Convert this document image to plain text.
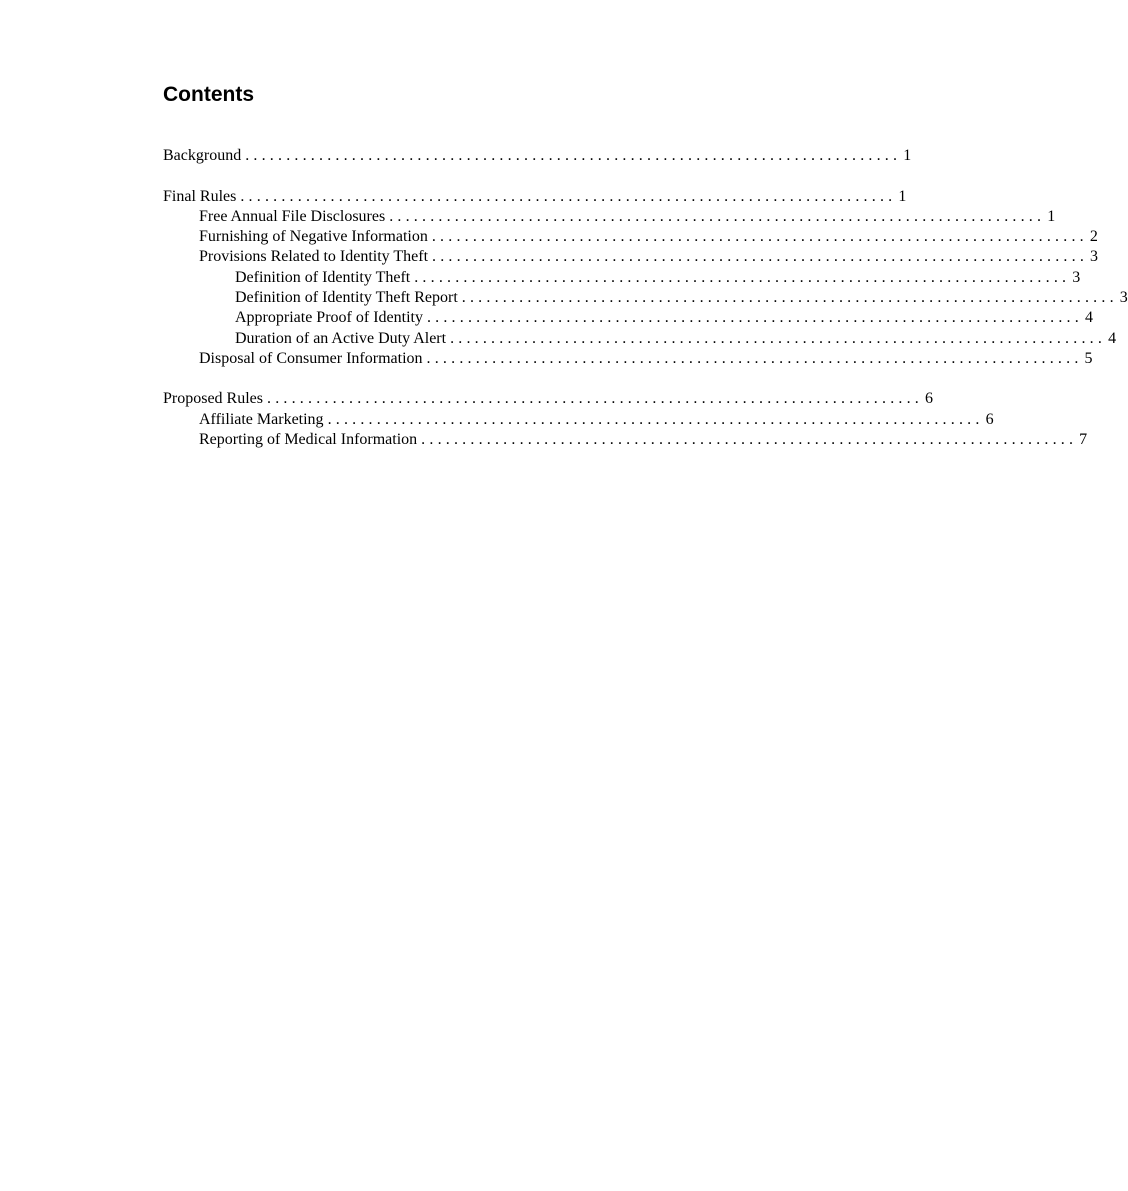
Contents
Background ................................................................................ 1
Final Rules ................................................................................ 1
Free Annual File Disclosures ................................................................................ 1
Furnishing of Negative Information ................................................................................ 2
Provisions Related to Identity Theft ................................................................................ 3
Definition of Identity Theft ................................................................................ 3
Definition of Identity Theft Report ................................................................................ 3
Appropriate Proof of Identity ................................................................................ 4
Duration of an Active Duty Alert ................................................................................ 4
Disposal of Consumer Information ................................................................................ 5
Proposed Rules ................................................................................ 6
Affiliate Marketing ................................................................................ 6
Reporting of Medical Information ................................................................................ 7
